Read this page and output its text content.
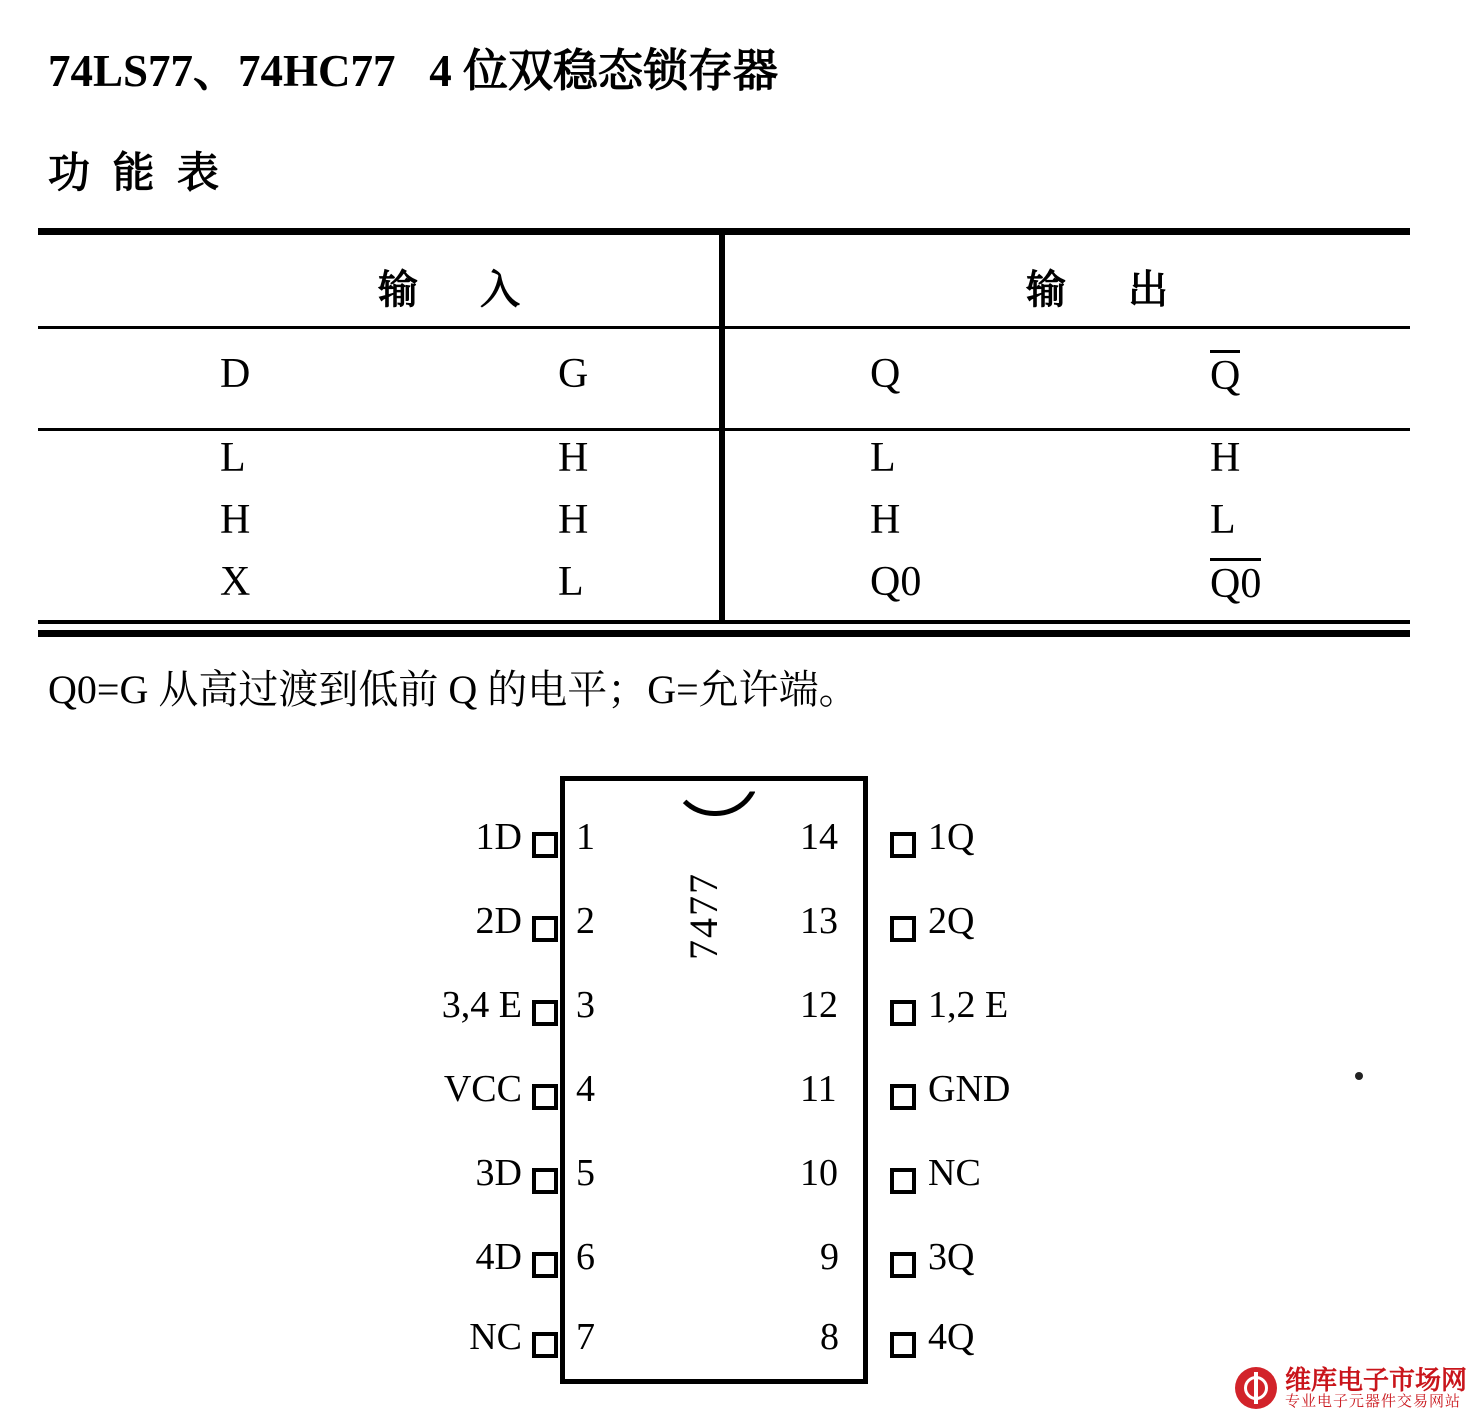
74LS77、74HC77   4 位双稳态锁存器
功 能 表
输  入	输  出
D	G	Q	Q
L	H	L	H
H	H	H	L
X	L	Q0	Q0
Q0=G 从高过渡到低前 Q 的电平；G=允许端。
7477
1
1D
2
2D
3
3,4 E
4
VCC
5
3D
6
4D
7
NC
14 1Q
13 2Q
12 1,2 E
11 GND
10 NC
9 3Q
8 4Q
维库电子市场网
专业电子元器件交易网站
